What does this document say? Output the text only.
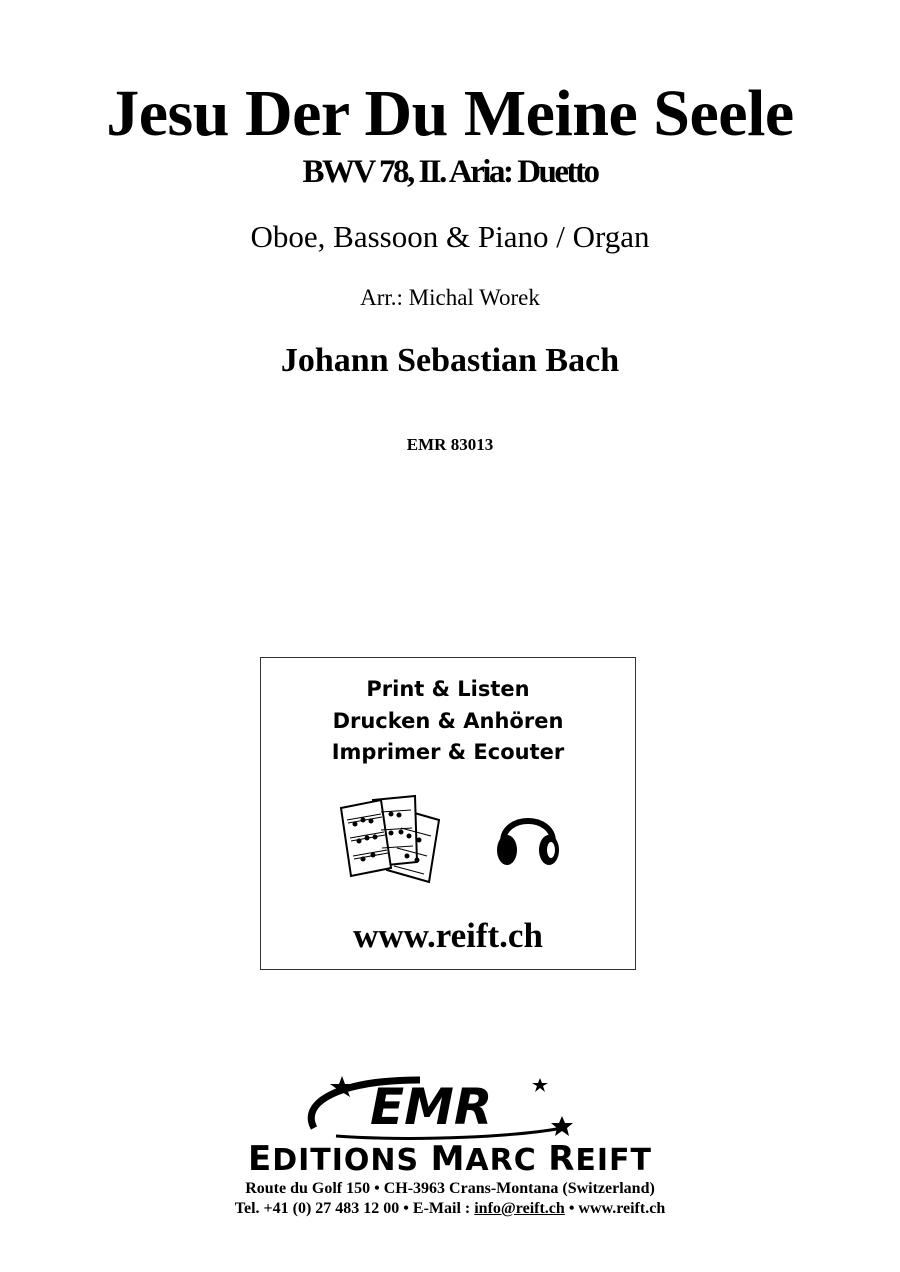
Jesu Der Du Meine Seele
BWV 78, II. Aria: Duetto
Oboe, Bassoon & Piano / Organ
Arr.: Michal Worek
Johann Sebastian Bach
EMR 83013
Print & Listen
Drucken & Anhören
Imprimer & Ecouter
www.reift.ch
EMR
EDITIONS MARC REIFT
Route du Golf 150 • CH-3963 Crans-Montana (Switzerland)
Tel. +41 (0) 27 483 12 00 • E-Mail : info@reift.ch • www.reift.ch
